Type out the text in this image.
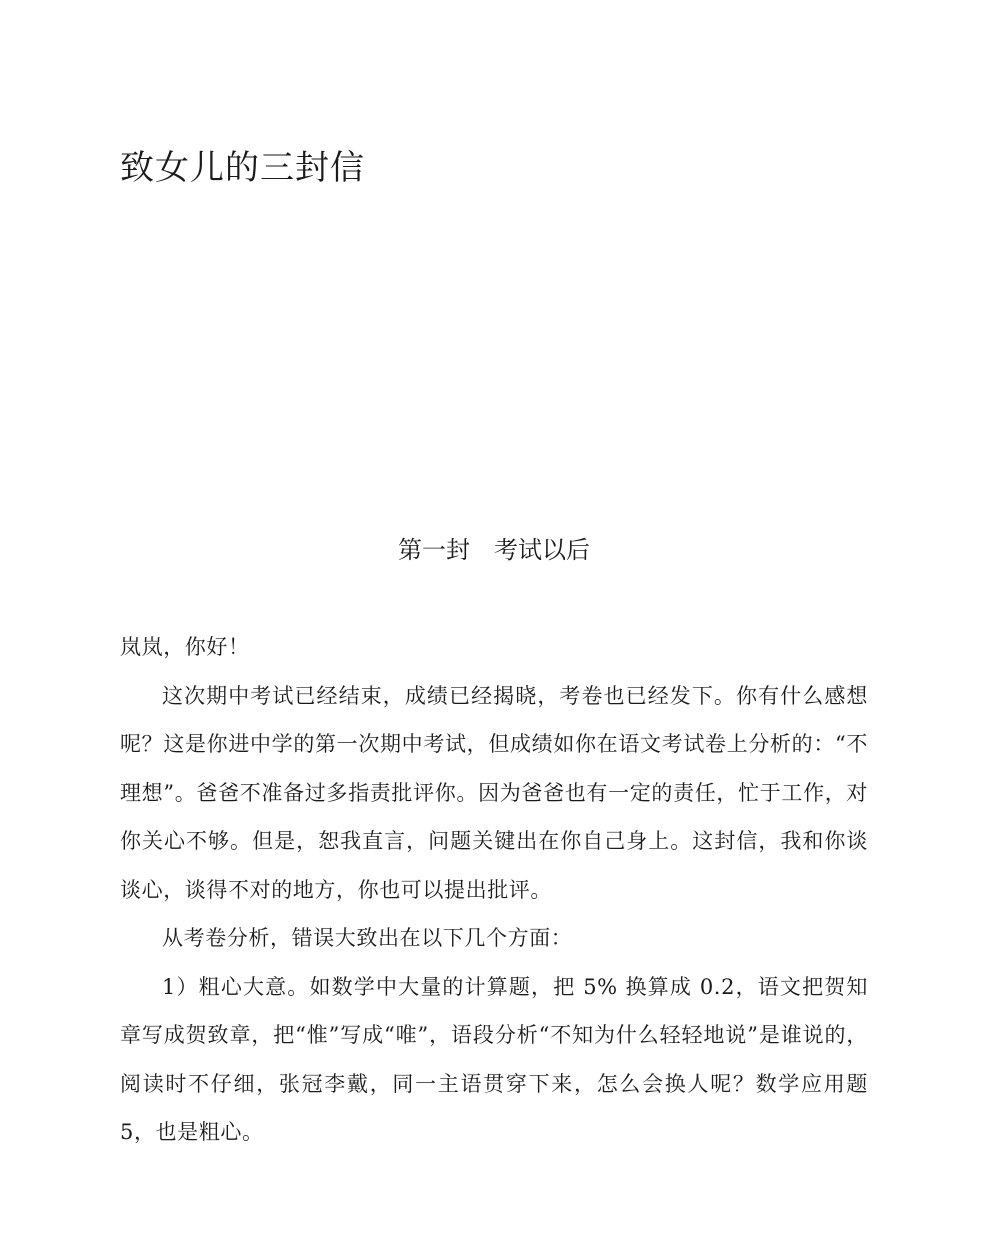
致女儿的三封信
第一封　考试以后

岚岚，你好！

这次期中考试已经结束，成绩已经揭晓，考卷也已经发下。你有什么感想呢？这是你进中学的第一次期中考试，但成绩如你在语文考试卷上分析的：“不理想”。爸爸不准备过多指责批评你。因为爸爸也有一定的责任，忙于工作，对你关心不够。但是，恕我直言，问题关键出在你自己身上。这封信，我和你谈谈心，谈得不对的地方，你也可以提出批评。

从考卷分析，错误大致出在以下几个方面：

1）粗心大意。如数学中大量的计算题，把 5% 换算成 0.2，语文把贺知章写成贺致章，把“惟”写成“唯”，语段分析“不知为什么轻轻地说”是谁说的，阅读时不仔细，张冠李戴，同一主语贯穿下来，怎么会换人呢？数学应用题 5，也是粗心。
